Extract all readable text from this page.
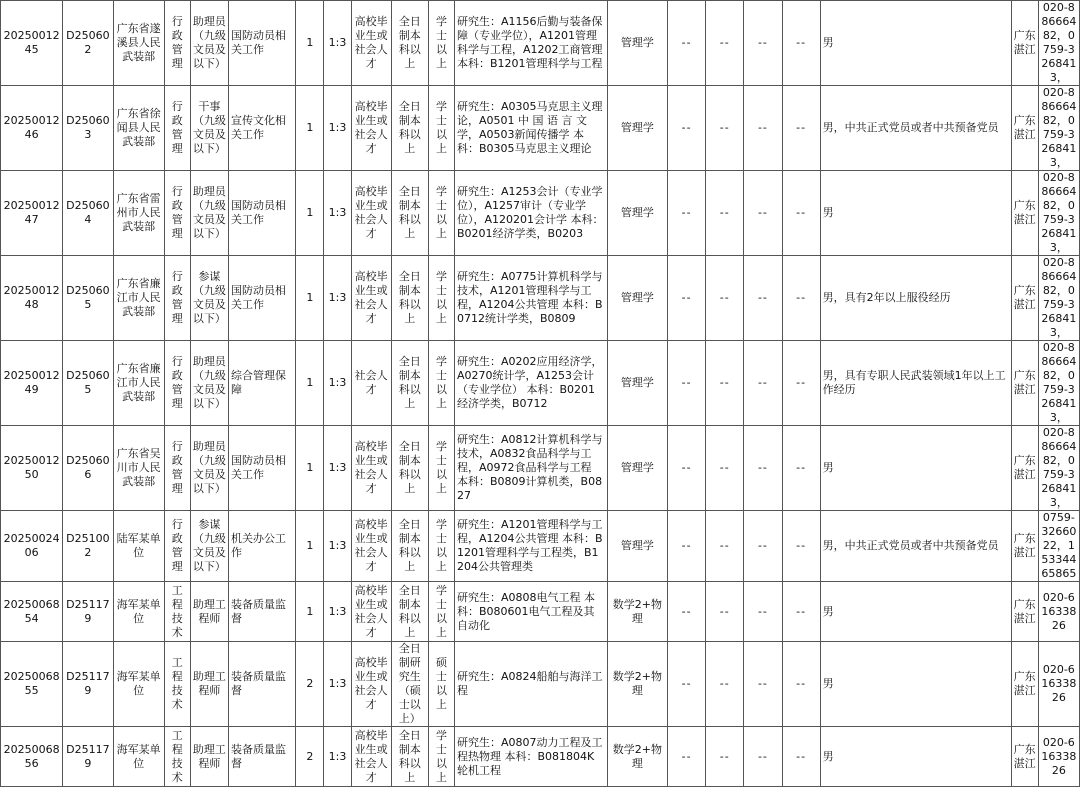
2025001245	D250602	广东省遂溪县人民武装部	行政管理	助理员（九级文员及以下）	国防动员相关工作	1	1:3	高校毕业生或社会人才	全日制本科以上	学士以上	研究生：A1156后勤与装备保障（专业学位），A1201管理科学与工程，A1202工商管理 本科：B1201管理科学与工程	管理学	--	--	--	--	男	广东湛江	020-88666482，0759-3268413，
2025001246	D250603	广东省徐闻县人民武装部	行政管理	干事（九级文员及以下）	宣传文化相关工作	1	1:3	高校毕业生或社会人才	全日制本科以上	学士以上	研究生：A0305马克思主义理论，A0501 中 国 语 言 文学，A0503新闻传播学 本科：B0305马克思主义理论	管理学	--	--	--	--	男，中共正式党员或者中共预备党员	广东湛江	020-88666482，0759-3268413，
2025001247	D250604	广东省雷州市人民武装部	行政管理	助理员（九级文员及以下）	国防动员相关工作	1	1:3	高校毕业生或社会人才	全日制本科以上	学士以上	研究生：A1253会计（专业学位），A1257审计（专业学位），A120201会计学 本科：B0201经济学类，B0203	管理学	--	--	--	--	男	广东湛江	020-88666482，0759-3268413，
2025001248	D250605	广东省廉江市人民武装部	行政管理	参谋（九级文员及以下）	国防动员相关工作	1	1:3	高校毕业生或社会人才	全日制本科以上	学士以上	研究生：A0775计算机科学与技术，A1201管理科学与工程，A1204公共管理 本科：B0712统计学类，B0809	管理学	--	--	--	--	男，具有2年以上服役经历	广东湛江	020-88666482，0759-3268413，
2025001249	D250605	广东省廉江市人民武装部	行政管理	助理员（九级文员及以下）	综合管理保障	1	1:3	社会人才	全日制本科以上	学士以上	研究生：A0202应用经济学，A0270统计学，A1253会计（专业学位） 本科：B0201经济学类，B0712	管理学	--	--	--	--	男，具有专职人民武装领域1年以上工作经历	广东湛江	020-88666482，0759-3268413，
2025001250	D250606	广东省吴川市人民武装部	行政管理	助理员（九级文员及以下）	国防动员相关工作	1	1:3	高校毕业生或社会人才	全日制本科以上	学士以上	研究生：A0812计算机科学与技术，A0832食品科学与工程，A0972食品科学与工程 本科：B0809计算机类，B0827	管理学	--	--	--	--	男	广东湛江	020-88666482，0759-3268413，
2025002406	D251002	陆军某单位	行政管理	参谋（九级文员及以下）	机关办公工作	1	1:3	高校毕业生或社会人才	全日制本科以上	学士以上	研究生：A1201管理科学与工程，A1204公共管理 本科：B1201管理科学与工程类，B1204公共管理类	管理学	--	--	--	--	男，中共正式党员或者中共预备党员	广东湛江	0759-3266022，15334465865
2025006854	D251179	海军某单位	工程技术	助理工程师	装备质量监督	1	1:3	高校毕业生或社会人才	全日制本科以上	学士以上	研究生：A0808电气工程 本科：B080601电气工程及其自动化	数学2+物理	--	--	--	--	男	广东湛江	020-61633826
2025006855	D251179	海军某单位	工程技术	助理工程师	装备质量监督	2	1:3	高校毕业生或社会人才	全日制研究生（硕士以上）	硕士以上	研究生：A0824船舶与海洋工程	数学2+物理	--	--	--	--	男	广东湛江	020-61633826
2025006856	D251179	海军某单位	工程技术	助理工程师	装备质量监督	2	1:3	高校毕业生或社会人才	全日制本科以上	学士以上	研究生：A0807动力工程及工程热物理 本科：B081804K轮机工程	数学2+物理	--	--	--	--	男	广东湛江	020-61633826
